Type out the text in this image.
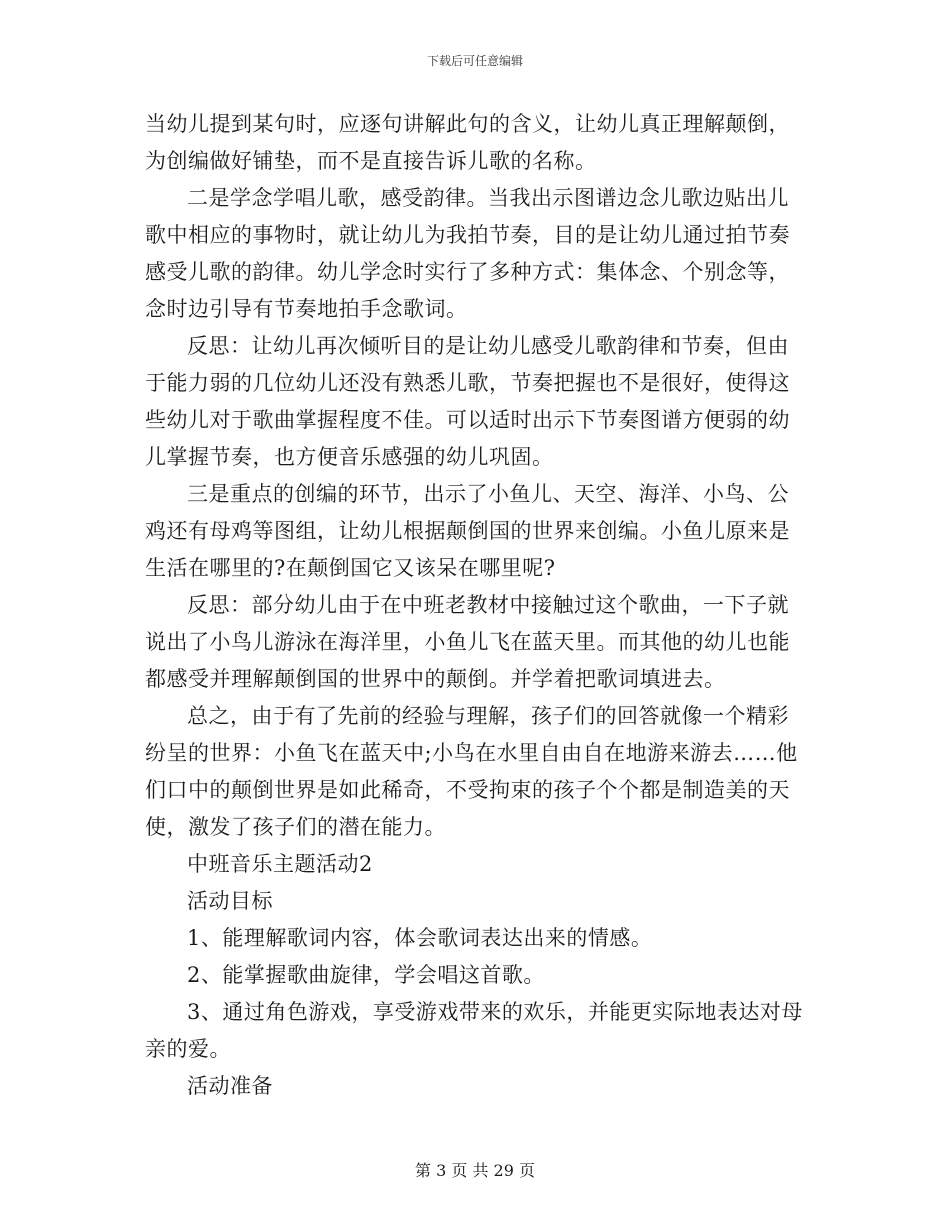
下载后可任意编辑
当幼儿提到某句时，应逐句讲解此句的含义，让幼儿真正理解颠倒，
为创编做好铺垫，而不是直接告诉儿歌的名称。
二是学念学唱儿歌，感受韵律。当我出示图谱边念儿歌边贴出儿
歌中相应的事物时，就让幼儿为我拍节奏，目的是让幼儿通过拍节奏
感受儿歌的韵律。幼儿学念时实行了多种方式：集体念、个别念等，
念时边引导有节奏地拍手念歌词。
反思：让幼儿再次倾听目的是让幼儿感受儿歌韵律和节奏，但由
于能力弱的几位幼儿还没有熟悉儿歌，节奏把握也不是很好，使得这
些幼儿对于歌曲掌握程度不佳。可以适时出示下节奏图谱方便弱的幼
儿掌握节奏，也方便音乐感强的幼儿巩固。
三是重点的创编的环节，出示了小鱼儿、天空、海洋、小鸟、公
鸡还有母鸡等图组，让幼儿根据颠倒国的世界来创编。小鱼儿原来是
生活在哪里的?在颠倒国它又该呆在哪里呢?
反思：部分幼儿由于在中班老教材中接触过这个歌曲，一下子就
说出了小鸟儿游泳在海洋里，小鱼儿飞在蓝天里。而其他的幼儿也能
都感受并理解颠倒国的世界中的颠倒。并学着把歌词填进去。
总之，由于有了先前的经验与理解，孩子们的回答就像一个精彩
纷呈的世界：小鱼飞在蓝天中;小鸟在水里自由自在地游来游去……他
们口中的颠倒世界是如此稀奇，不受拘束的孩子个个都是制造美的天
使，激发了孩子们的潜在能力。
中班音乐主题活动2
活动目标
1、能理解歌词内容，体会歌词表达出来的情感。
2、能掌握歌曲旋律，学会唱这首歌。
3、通过角色游戏，享受游戏带来的欢乐，并能更实际地表达对母
亲的爱。
活动准备
第 3 页 共 29 页
